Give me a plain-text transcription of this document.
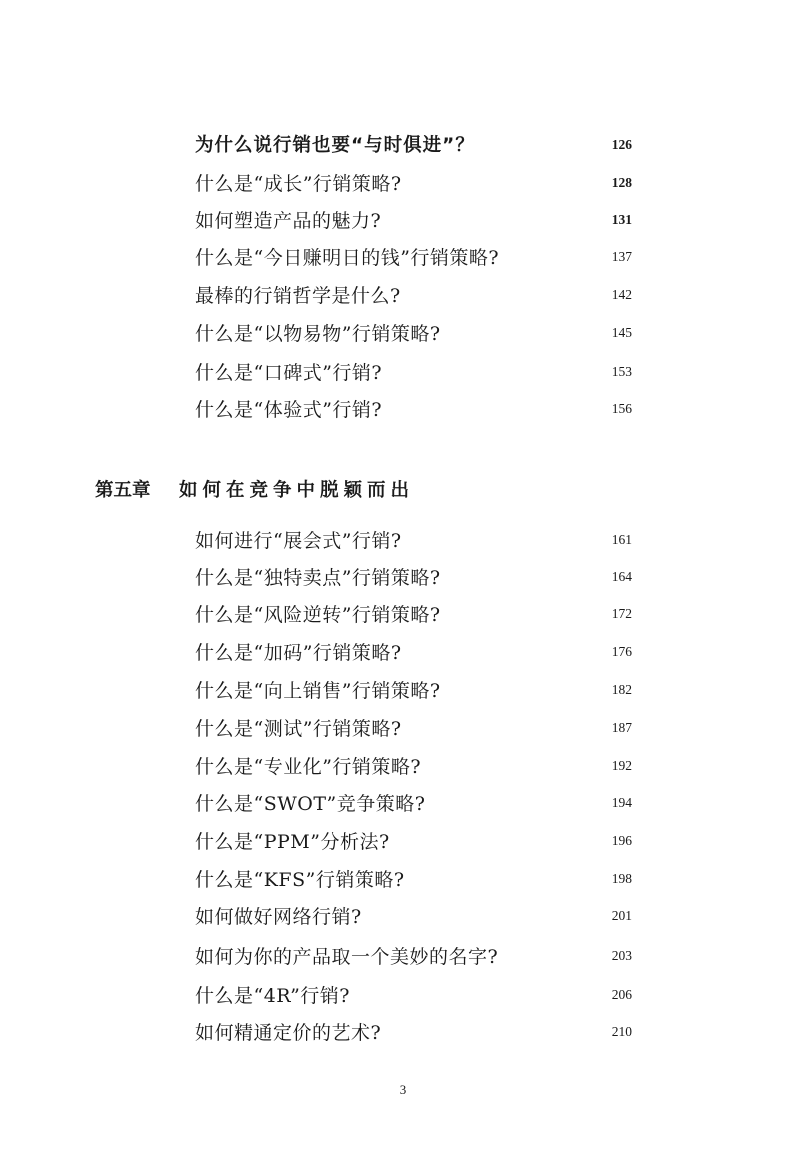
为什么说行销也要“与时俱进”？	126
什么是“成长”行销策略?	128
如何塑造产品的魅力?	131
什么是“今日赚明日的钱”行销策略?	137
最棒的行销哲学是什么?	142
什么是“以物易物”行销策略?	145
什么是“口碑式”行销?	153
什么是“体验式”行销?	156
第五章 如何在竞争中脱颖而出
如何进行“展会式”行销?	161
什么是“独特卖点”行销策略?	164
什么是“风险逆转”行销策略?	172
什么是“加码”行销策略?	176
什么是“向上销售”行销策略?	182
什么是“测试”行销策略?	187
什么是“专业化”行销策略?	192
什么是“SWOT”竞争策略?	194
什么是“PPM”分析法?	196
什么是“KFS”行销策略?	198
如何做好网络行销?	201
如何为你的产品取一个美妙的名字?	203
什么是“4R”行销?	206
如何精通定价的艺术?	210
3
